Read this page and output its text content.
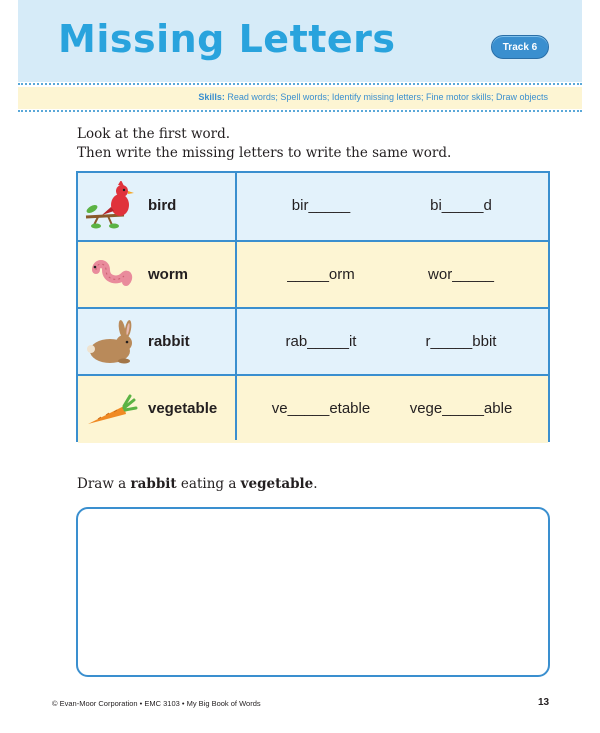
Missing Letters	Track 6
Skills: Read words; Spell words; Identify missing letters; Fine motor skills; Draw objects
Look at the first word.
Then write the missing letters to write the same word.
bird	bir_____	bi_____d
worm	_____orm	wor_____
rabbit	rab_____it	r_____bbit
vegetable	ve_____etable	vege_____able
Draw a rabbit eating a vegetable.
© Evan-Moor Corporation • EMC 3103 • My Big Book of Words	13
